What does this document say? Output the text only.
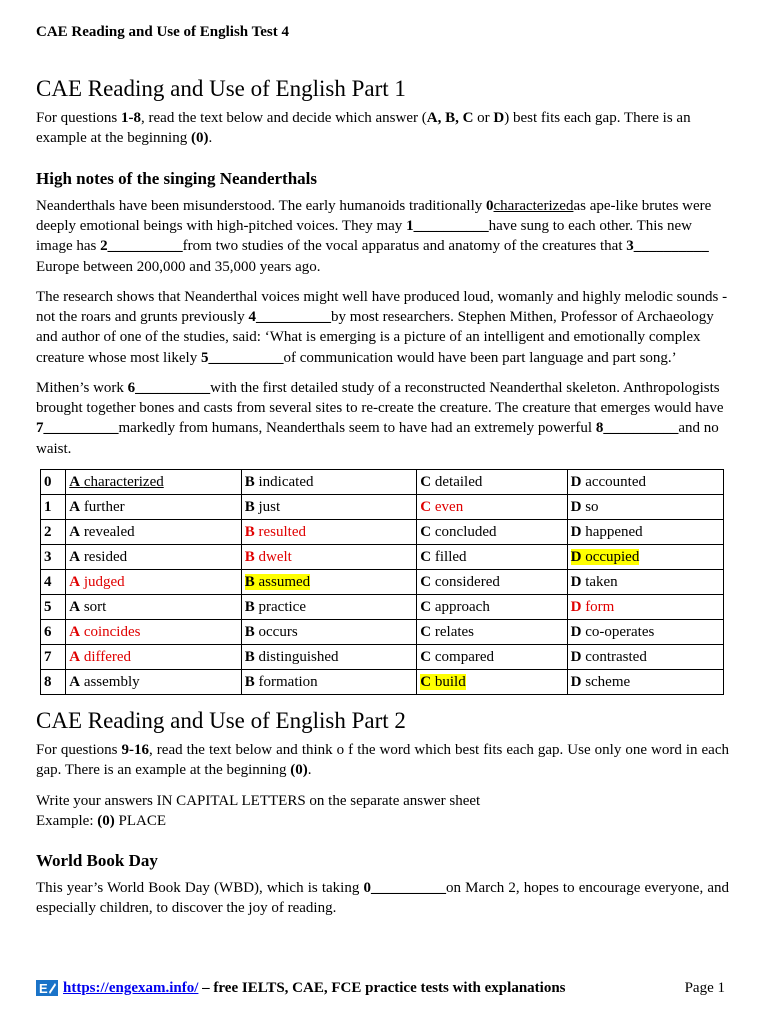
CAE Reading and Use of English Test 4
CAE Reading and Use of English Part 1

For questions 1-8, read the text below and decide which answer (A, B, C or D) best fits each gap. There is an example at the beginning (0).

High notes of the singing Neanderthals

Neanderthals have been misunderstood. The early humanoids traditionally 0characterizedas ape-like brutes were deeply emotional beings with high-pitched voices. They may 1__________have sung to each other. This new image has 2__________from two studies of the vocal apparatus and anatomy of the creatures that 3__________ Europe between 200,000 and 35,000 years ago.

The research shows that Neanderthal voices might well have produced loud, womanly and highly melodic sounds - not the roars and grunts previously 4__________by most researchers. Stephen Mithen, Professor of Archaeology and author of one of the studies, said: ‘What is emerging is a picture of an intelligent and emotionally complex creature whose most likely 5__________of communication would have been part language and part song.’

Mithen’s work 6__________with the first detailed study of a reconstructed Neanderthal skeleton. Anthropologists brought together bones and casts from several sites to re-create the creature. The creature that emerges would have 7__________markedly from humans, Neanderthals seem to have had an extremely powerful 8__________and no waist.

0	A characterized	B indicated	C detailed	D accounted
1	A further	B just	C even	D so
2	A revealed	B resulted	C concluded	D happened
3	A resided	B dwelt	C filled	D occupied
4	A judged	B assumed	C considered	D taken
5	A sort	B practice	C approach	D form
6	A coincides	B occurs	C relates	D co-operates
7	A differed	B distinguished	C compared	D contrasted
8	A assembly	B formation	C build	D scheme
CAE Reading and Use of English Part 2

For questions 9-16, read the text below and think o f the word which best fits each gap. Use only one word in each gap. There is an example at the beginning (0).

Write your answers IN CAPITAL LETTERS on the separate answer sheet

Example: (0) PLACE

World Book Day

This year’s World Book Day (WBD), which is taking 0__________on March 2, hopes to encourage everyone, and especially children, to discover the joy of reading.

E https://engexam.info/ – free IELTS, CAE, FCE practice tests with explanations	Page 1
